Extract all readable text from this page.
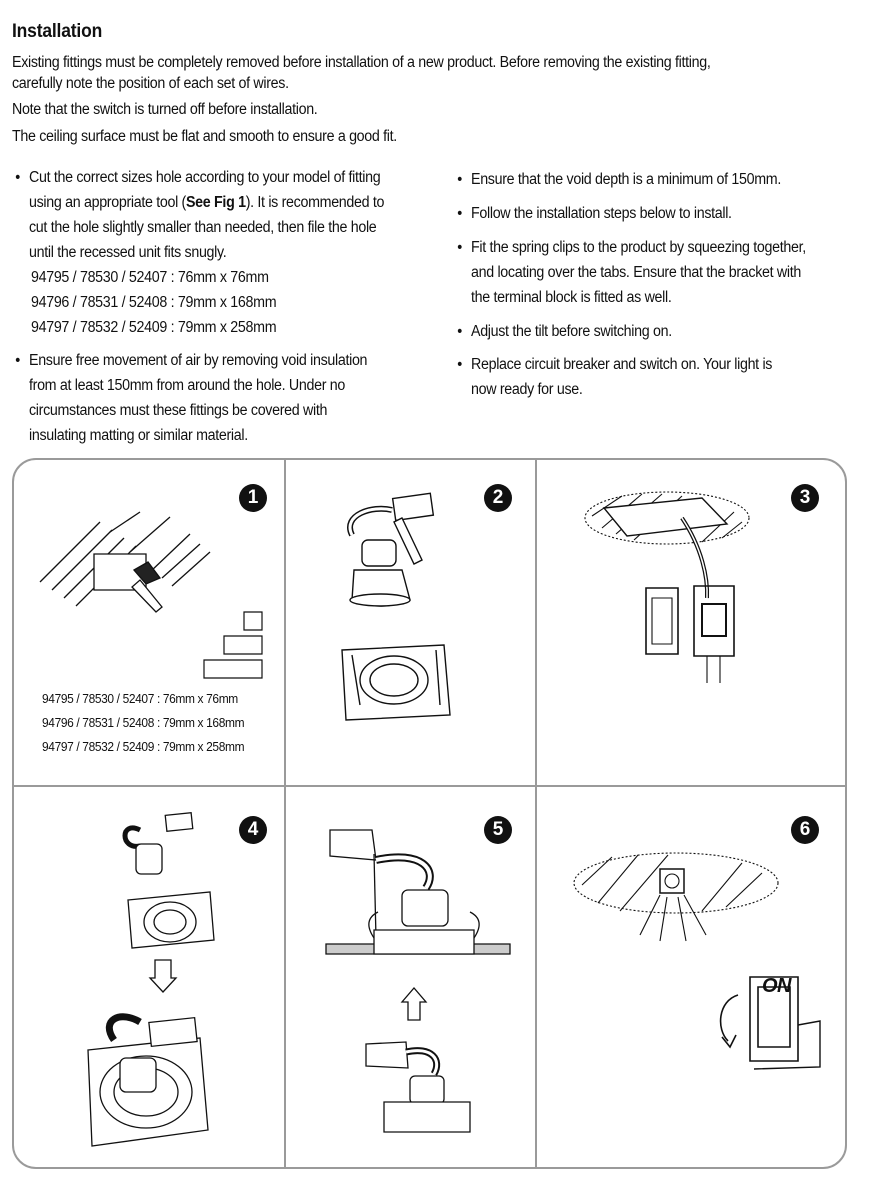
Installation
Existing fittings must be completely removed before installation of a new product. Before removing the existing fitting,
carefully note the position of each set of wires.
Note that the switch is turned off before installation.
The ceiling surface must be flat and smooth to ensure a good fit.
• Cut the correct sizes hole according to your model of fitting
using an appropriate tool (See Fig 1). It is recommended to
cut the hole slightly smaller than needed, then file the hole
until the recessed unit fits snugly.
94795 / 78530 / 52407 : 76mm x 76mm
94796 / 78531 / 52408 : 79mm x 168mm
94797 / 78532 / 52409 : 79mm x 258mm
• Ensure free movement of air by removing void insulation
from at least 150mm from around the hole. Under no
circumstances must these fittings be covered with
insulating matting or similar material.
• Ensure that the void depth is a minimum of 150mm.
• Follow the installation steps below to install.
• Fit the spring clips to the product by squeezing together,
and locating over the tabs. Ensure that the bracket with
the terminal block is fitted as well.
• Adjust the tilt before switching on.
• Replace circuit breaker and switch on. Your light is
now ready for use.
1	2	3
4	5	6
94795 / 78530 / 52407 : 76mm x 76mm
94796 / 78531 / 52408 : 79mm x 168mm
94797 / 78532 / 52409 : 79mm x 258mm
ON
